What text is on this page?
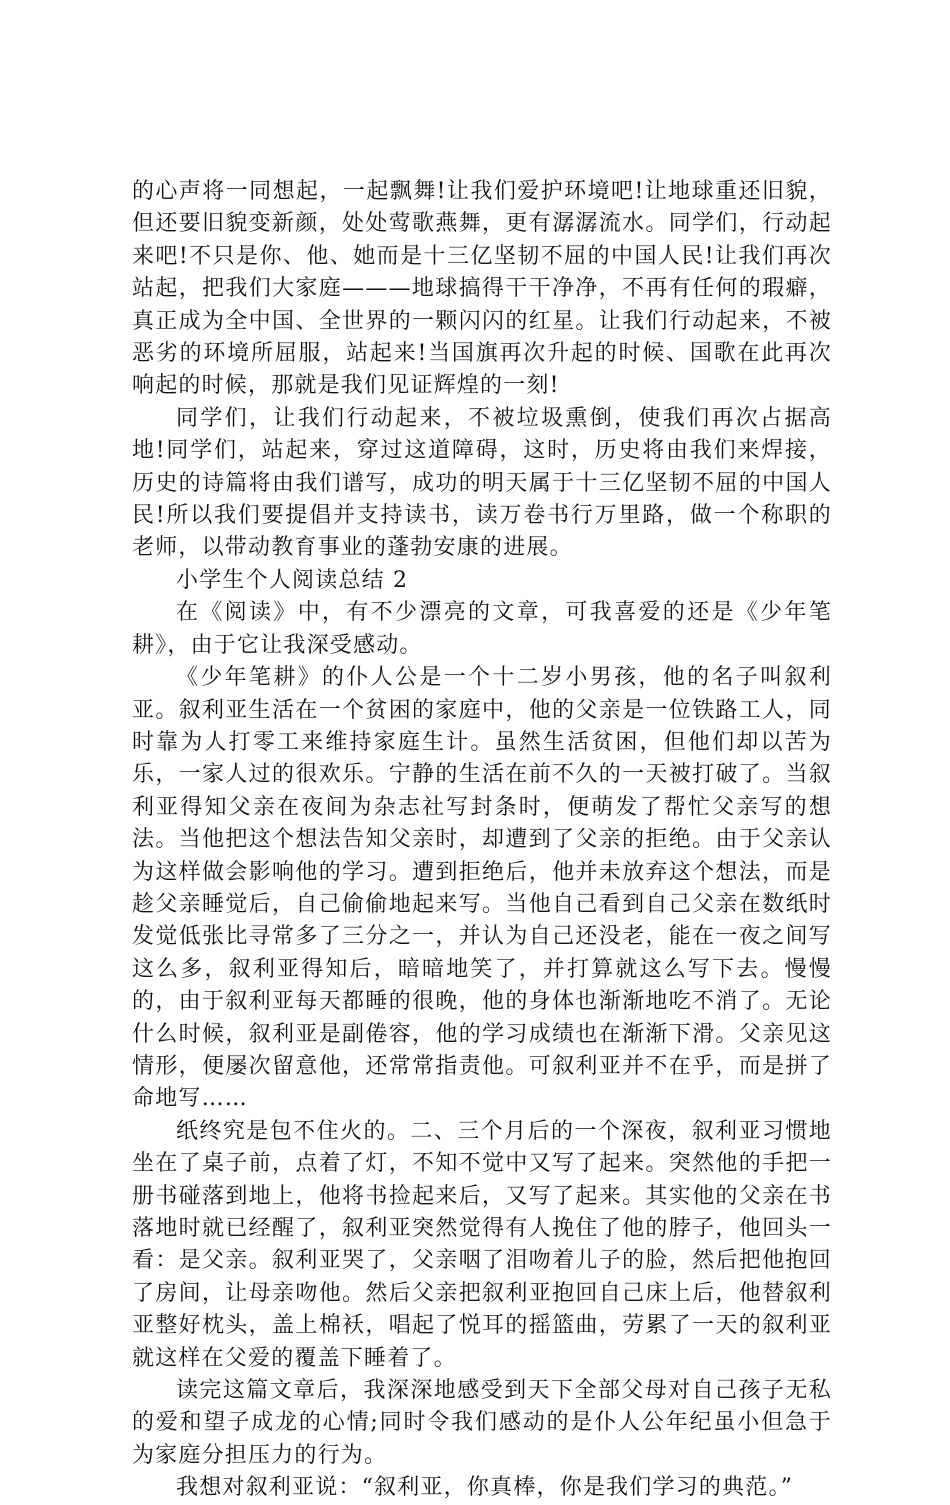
的心声将一同想起，一起飘舞!让我们爱护环境吧!让地球重还旧貌，但还要旧貌变新颜，处处莺歌燕舞，更有潺潺流水。同学们，行动起来吧!不只是你、他、她而是十三亿坚韧不屈的中国人民!让我们再次站起，把我们大家庭———地球搞得干干净净，不再有任何的瑕癖，真正成为全中国、全世界的一颗闪闪的红星。让我们行动起来，不被恶劣的环境所屈服，站起来!当国旗再次升起的时候、国歌在此再次响起的时候，那就是我们见证辉煌的一刻!

同学们，让我们行动起来，不被垃圾熏倒，使我们再次占据高地!同学们，站起来，穿过这道障碍，这时，历史将由我们来焊接，历史的诗篇将由我们谱写，成功的明天属于十三亿坚韧不屈的中国人民!所以我们要提倡并支持读书，读万卷书行万里路，做一个称职的老师，以带动教育事业的蓬勃安康的进展。

小学生个人阅读总结 2

在《阅读》中，有不少漂亮的文章，可我喜爱的还是《少年笔耕》，由于它让我深受感动。

《少年笔耕》的仆人公是一个十二岁小男孩，他的名子叫叙利亚。叙利亚生活在一个贫困的家庭中，他的父亲是一位铁路工人，同时靠为人打零工来维持家庭生计。虽然生活贫困，但他们却以苦为乐，一家人过的很欢乐。宁静的生活在前不久的一天被打破了。当叙利亚得知父亲在夜间为杂志社写封条时，便萌发了帮忙父亲写的想法。当他把这个想法告知父亲时，却遭到了父亲的拒绝。由于父亲认为这样做会影响他的学习。遭到拒绝后，他并未放弃这个想法，而是趁父亲睡觉后，自己偷偷地起来写。当他自己看到自己父亲在数纸时发觉低张比寻常多了三分之一，并认为自己还没老，能在一夜之间写这么多，叙利亚得知后，暗暗地笑了，并打算就这么写下去。慢慢的，由于叙利亚每天都睡的很晚，他的身体也渐渐地吃不消了。无论什么时候，叙利亚是副倦容，他的学习成绩也在渐渐下滑。父亲见这情形，便屡次留意他，还常常指责他。可叙利亚并不在乎，而是拼了命地写……

纸终究是包不住火的。二、三个月后的一个深夜，叙利亚习惯地坐在了桌子前，点着了灯，不知不觉中又写了起来。突然他的手把一册书碰落到地上，他将书捡起来后，又写了起来。其实他的父亲在书落地时就已经醒了，叙利亚突然觉得有人挽住了他的脖子，他回头一看：是父亲。叙利亚哭了，父亲咽了泪吻着儿子的脸，然后把他抱回了房间，让母亲吻他。然后父亲把叙利亚抱回自己床上后，他替叙利亚整好枕头，盖上棉袄，唱起了悦耳的摇篮曲，劳累了一天的叙利亚就这样在父爱的覆盖下睡着了。

读完这篇文章后，我深深地感受到天下全部父母对自己孩子无私的爱和望子成龙的心情;同时令我们感动的是仆人公年纪虽小但急于为家庭分担压力的行为。

我想对叙利亚说：“叙利亚，你真棒，你是我们学习的典范。”
